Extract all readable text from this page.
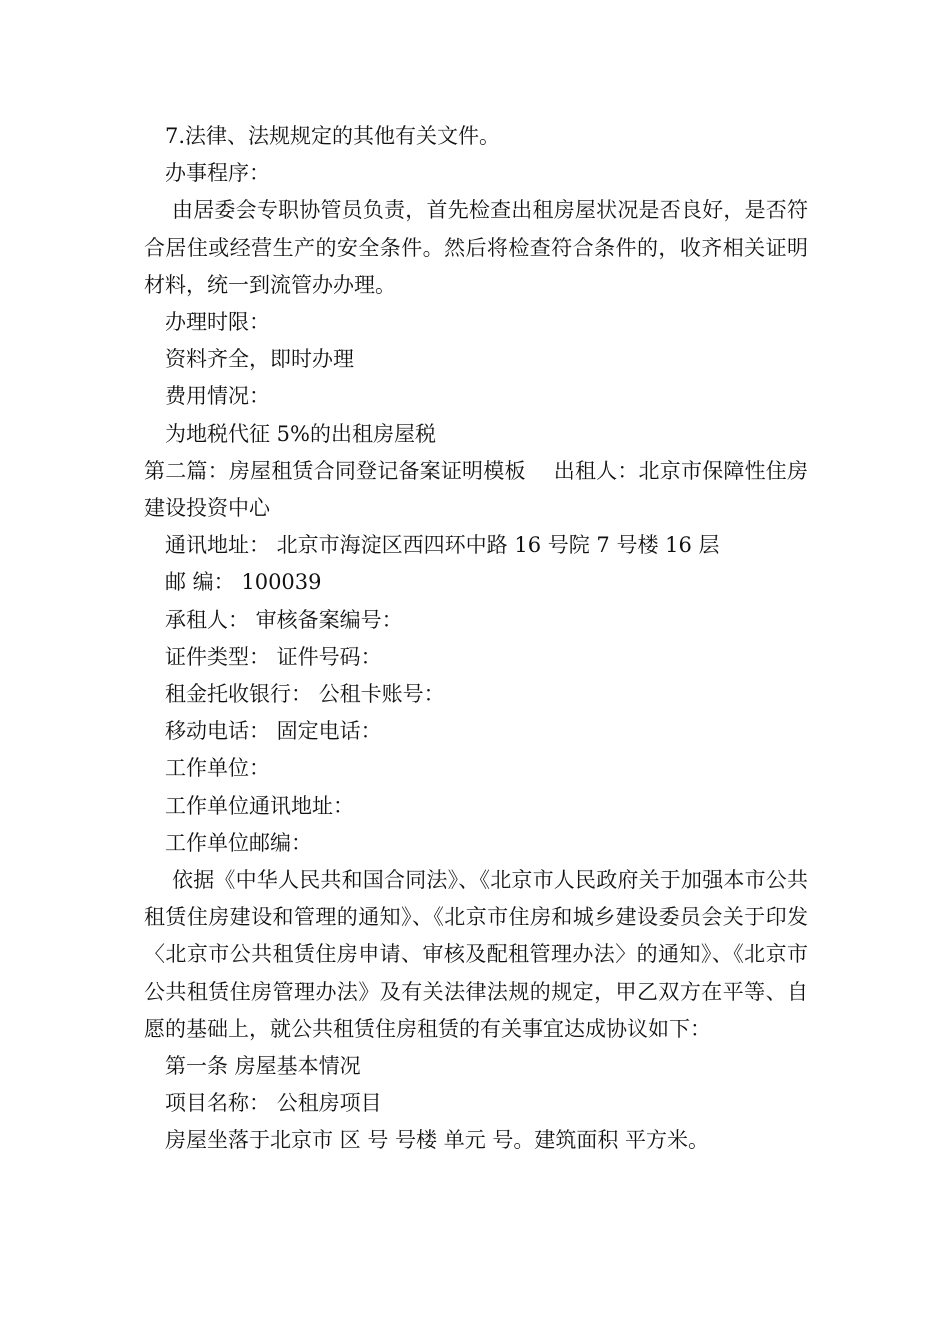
7.法律、法规规定的其他有关文件。

办事程序：

由居委会专职协管员负责，首先检查出租房屋状况是否良好，是否符合居住或经营生产的安全条件。然后将检查符合条件的，收齐相关证明材料，统一到流管办办理。

办理时限：

资料齐全，即时办理

费用情况：

为地税代征 5%的出租房屋税

第二篇：房屋租赁合同登记备案证明模板　 出租人：北京市保障性住房建设投资中心

通讯地址： 北京市海淀区西四环中路 16 号院 7 号楼 16 层

邮 编： 100039

承租人： 审核备案编号：

证件类型： 证件号码：

租金托收银行： 公租卡账号：

移动电话： 固定电话：

工作单位：

工作单位通讯地址：

工作单位邮编：

依据《中华人民共和国合同法》、《北京市人民政府关于加强本市公共租赁住房建设和管理的通知》、《北京市住房和城乡建设委员会关于印发〈北京市公共租赁住房申请、审核及配租管理办法〉的通知》、《北京市公共租赁住房管理办法》及有关法律法规的规定，甲乙双方在平等、自愿的基础上，就公共租赁住房租赁的有关事宜达成协议如下：

第一条 房屋基本情况

项目名称： 公租房项目

房屋坐落于北京市 区 号 号楼 单元 号。建筑面积 平方米。
